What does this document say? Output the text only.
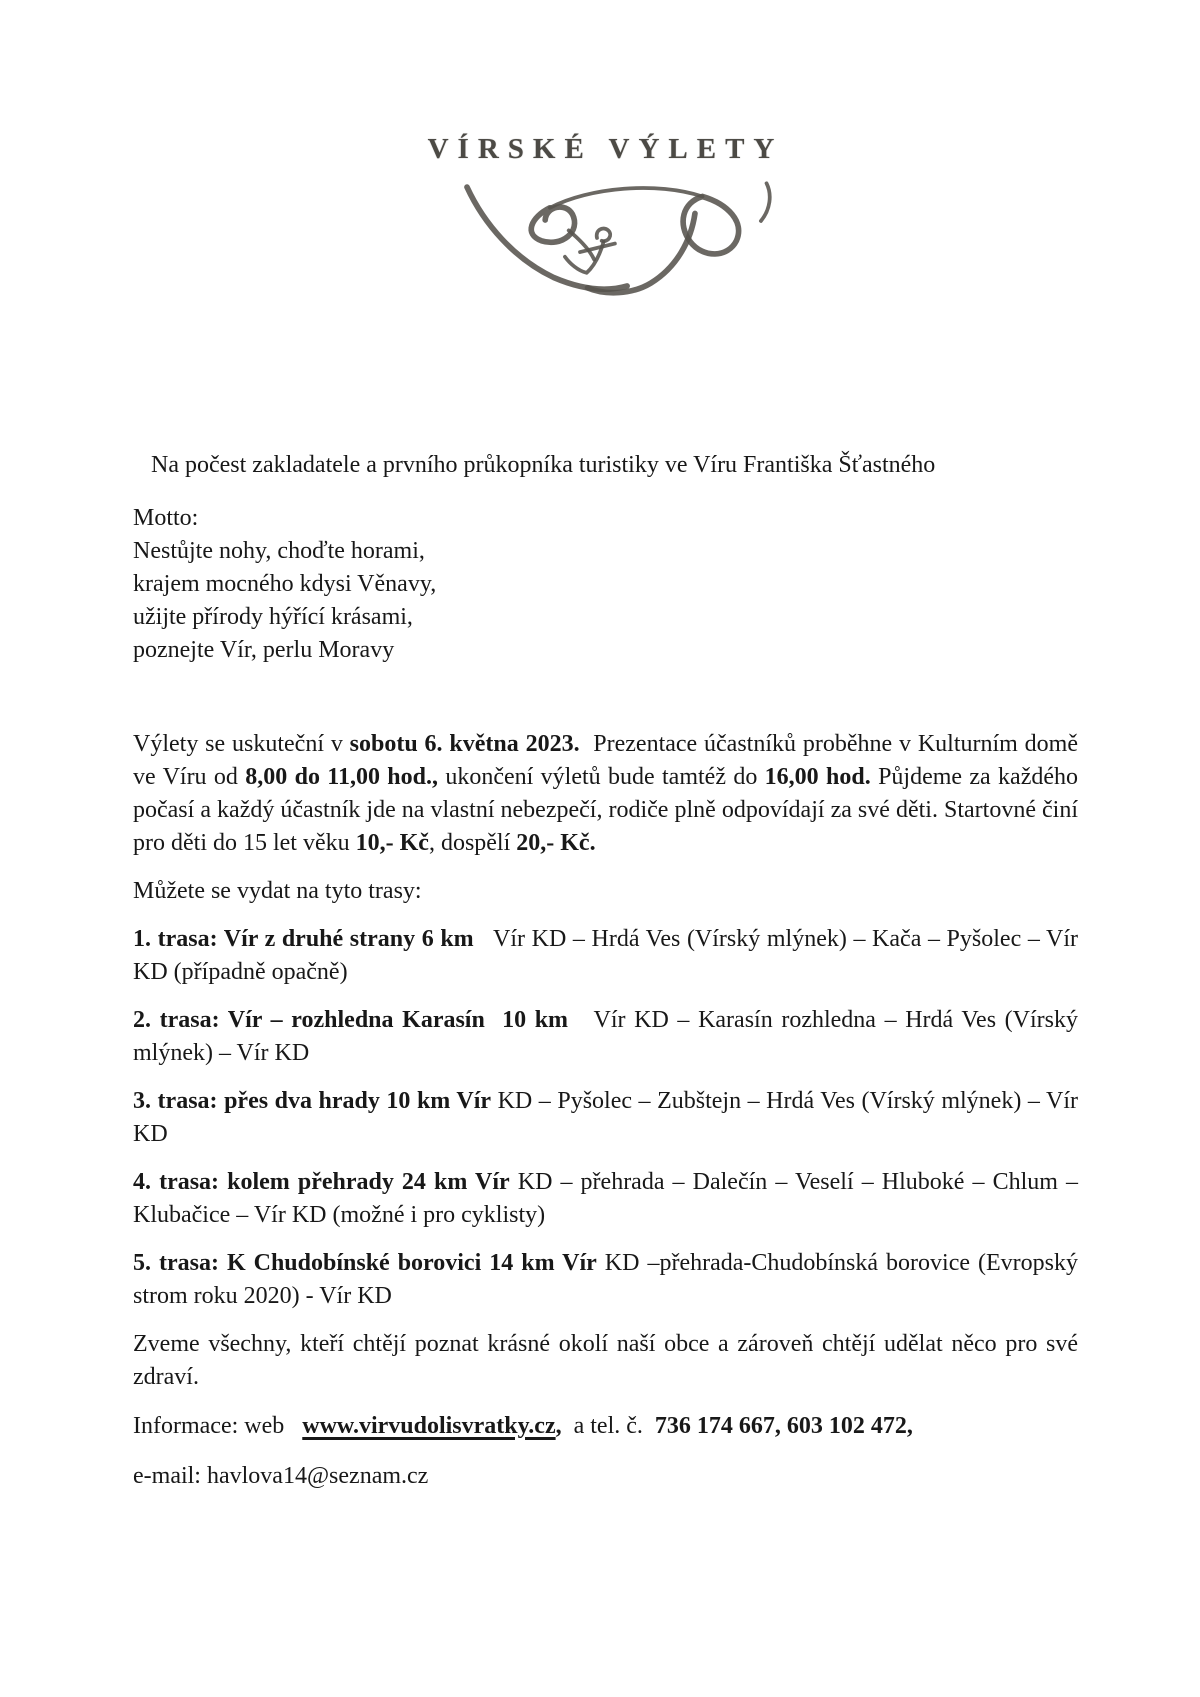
VÍRSKÉ VÝLETY

Na počest zakladatele a prvního průkopníka turistiky ve Víru Františka Šťastného

Motto:
Nestůjte nohy, choďte horami,
krajem mocného kdysi Věnavy,
užijte přírody hýřící krásami,
poznejte Vír, perlu Moravy

Výlety se uskuteční v sobotu 6. května 2023.  Prezentace účastníků proběhne v Kulturním domě ve Víru od 8,00 do 11,00 hod., ukončení výletů bude tamtéž do 16,00 hod. Půjdeme za každého počasí a každý účastník jde na vlastní nebezpečí, rodiče plně odpovídají za své děti. Startovné činí pro děti do 15 let věku 10,- Kč, dospělí 20,- Kč.

Můžete se vydat na tyto trasy:

1. trasa: Vír z druhé strany 6 km   Vír KD – Hrdá Ves (Vírský mlýnek) – Kača – Pyšolec – Vír KD (případně opačně)

2. trasa: Vír – rozhledna Karasín  10 km   Vír KD – Karasín rozhledna – Hrdá Ves (Vírský mlýnek) – Vír KD

3. trasa: přes dva hrady 10 km Vír KD – Pyšolec – Zubštejn – Hrdá Ves (Vírský mlýnek) – Vír KD

4. trasa: kolem přehrady 24 km Vír KD – přehrada – Dalečín – Veselí – Hluboké – Chlum – Klubačice – Vír KD (možné i pro cyklisty)

5. trasa: K Chudobínské borovici 14 km Vír KD –přehrada-Chudobínská borovice (Evropský strom roku 2020) - Vír KD

Zveme všechny, kteří chtějí poznat krásné okolí naší obce a zároveň chtějí udělat něco pro své zdraví.

Informace: web   www.virvudolisvratky.cz,  a tel. č.  736 174 667, 603 102 472,

e-mail: havlova14@seznam.cz
